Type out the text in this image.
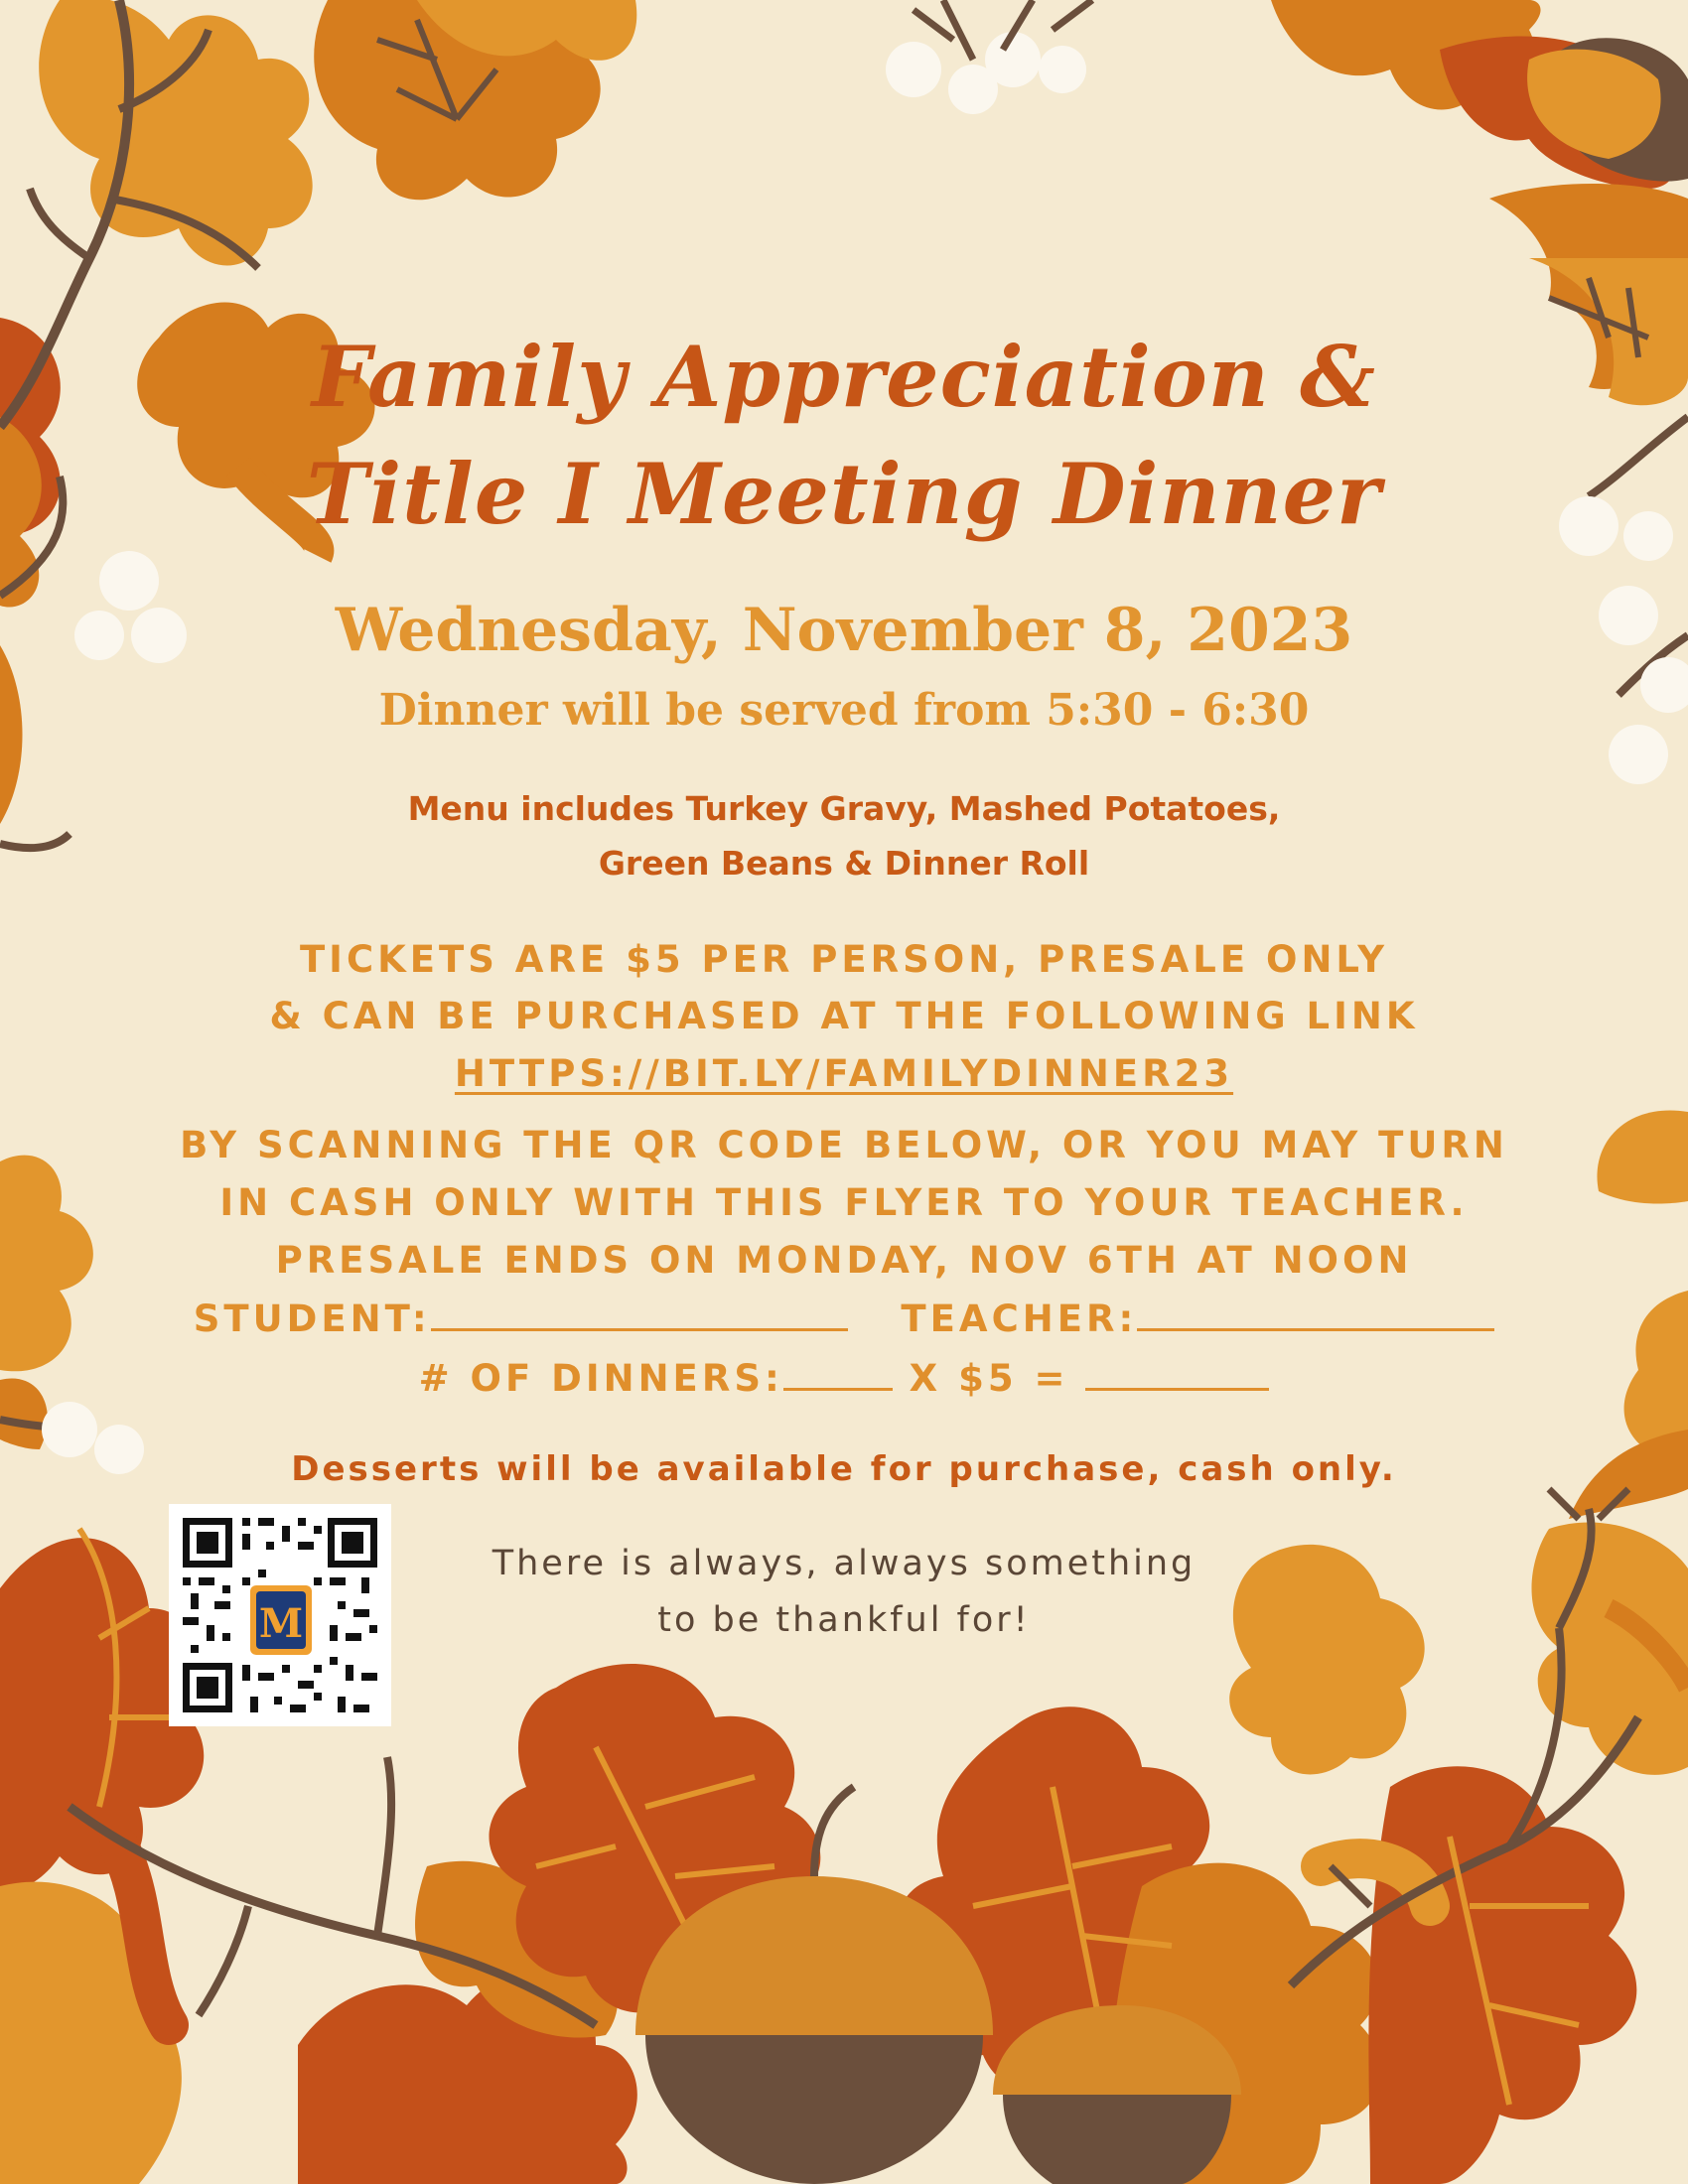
Family Appreciation &
Title I Meeting Dinner
Wednesday, November 8, 2023
Dinner will be served from 5:30 - 6:30
Menu includes Turkey Gravy, Mashed Potatoes,
Green Beans & Dinner Roll
TICKETS ARE $5 PER PERSON, PRESALE ONLY
& CAN BE PURCHASED AT THE FOLLOWING LINK
HTTPS://BIT.LY/FAMILYDINNER23
BY SCANNING THE QR CODE BELOW, OR YOU MAY TURN
IN CASH ONLY WITH THIS FLYER TO YOUR TEACHER.
PRESALE ENDS ON MONDAY, NOV 6TH AT NOON
STUDENT:	TEACHER:
# OF DINNERS:	X $5 =
Desserts will be available for purchase, cash only.
M
There is always, always something
to be thankful for!
